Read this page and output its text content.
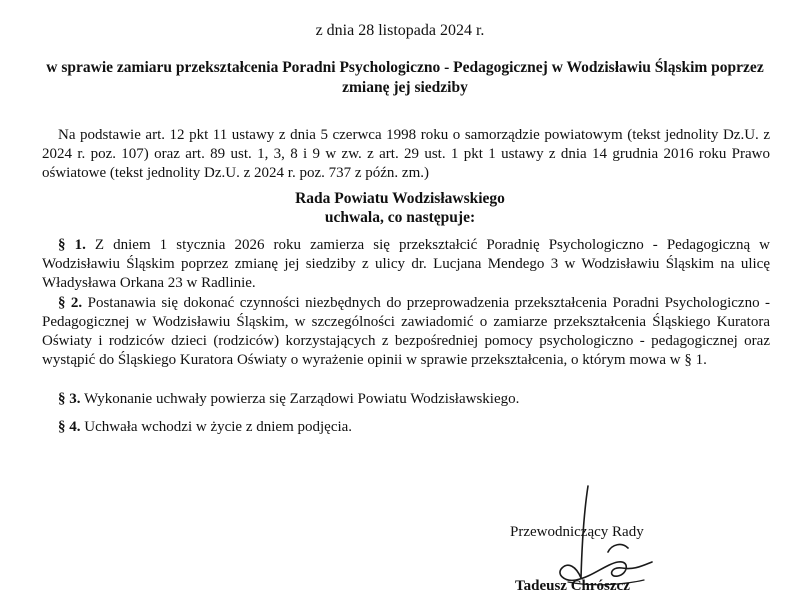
z dnia 28 listopada 2024 r.
w sprawie zamiaru przekształcenia Poradni Psychologiczno - Pedagogicznej w Wodzisławiu Śląskim poprzez zmianę jej siedziby
Na podstawie art. 12 pkt 11 ustawy z dnia 5 czerwca 1998 roku o samorządzie powiatowym (tekst jednolity Dz.U. z 2024 r. poz. 107) oraz art. 89 ust. 1, 3, 8 i 9 w zw. z art. 29 ust. 1 pkt 1 ustawy z dnia 14 grudnia 2016 roku Prawo oświatowe (tekst jednolity Dz.U. z 2024 r. poz. 737 z późn. zm.)
Rada Powiatu Wodzisławskiego
uchwala, co następuje:
§ 1. Z dniem 1 stycznia 2026 roku zamierza się przekształcić Poradnię Psychologiczno - Pedagogiczną w Wodzisławiu Śląskim poprzez zmianę jej siedziby z ulicy dr. Lucjana Mendego 3 w Wodzisławiu Śląskim na ulicę Władysława Orkana 23 w Radlinie.
§ 2. Postanawia się dokonać czynności niezbędnych do przeprowadzenia przekształcenia Poradni Psychologiczno - Pedagogicznej w Wodzisławiu Śląskim, w szczególności zawiadomić o zamiarze przekształcenia Śląskiego Kuratora Oświaty i rodziców dzieci (rodziców) korzystających z bezpośredniej pomocy psychologiczno - pedagogicznej oraz wystąpić do Śląskiego Kuratora Oświaty o wyrażenie opinii w sprawie przekształcenia, o którym mowa w § 1.
§ 3. Wykonanie uchwały powierza się Zarządowi Powiatu Wodzisławskiego.
§ 4. Uchwała wchodzi w życie z dniem podjęcia.
Przewodniczący Rady
Tadeusz Chrószcz
